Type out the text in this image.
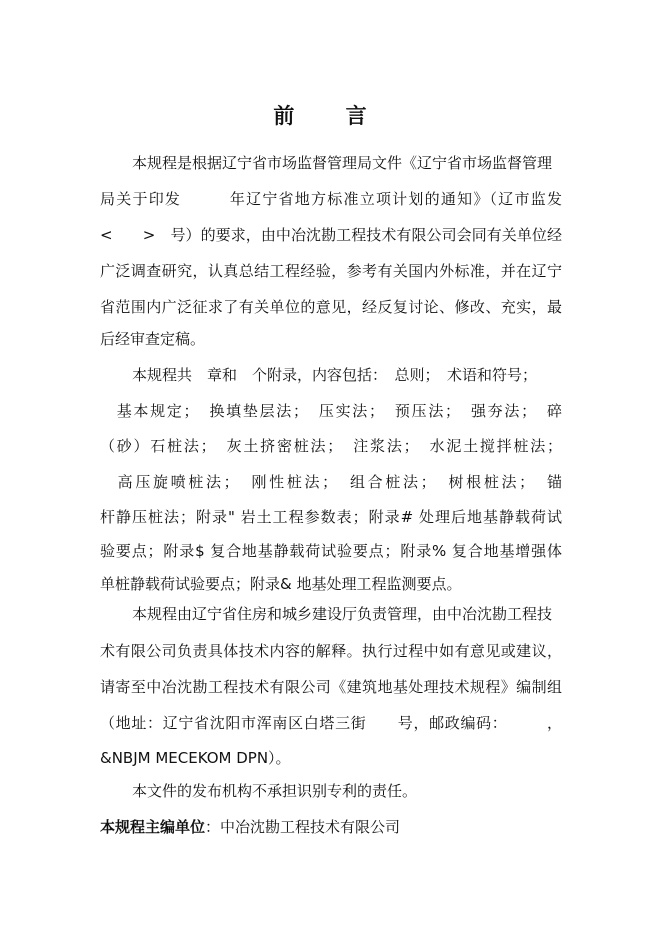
前 言
本规程是根据辽宁省市场监督管理局文件《辽宁省市场监督管理
局关于印发　　　年辽宁省地方标准立项计划的通知》（辽市监发
<　　>　号）的要求，由中冶沈勘工程技术有限公司会同有关单位经
广泛调查研究，认真总结工程经验，参考有关国内外标准，并在辽宁
省范围内广泛征求了有关单位的意见，经反复讨论、修改、充实，最
后经审查定稿。
本规程共　章和　个附录，内容包括：　总则；　术语和符号；
　基本规定；　换填垫层法；　压实法；　预压法；　强夯法；　碎
（砂）石桩法；　灰土挤密桩法；　注浆法；　水泥土搅拌桩法；
　高压旋喷桩法；　刚性桩法；　组合桩法；　树根桩法；　锚
杆静压桩法；附录" 岩土工程参数表；附录# 处理后地基静载荷试
验要点；附录$ 复合地基静载荷试验要点；附录% 复合地基增强体
单桩静载荷试验要点；附录& 地基处理工程监测要点。
本规程由辽宁省住房和城乡建设厅负责管理，由中冶沈勘工程技
术有限公司负责具体技术内容的解释。执行过程中如有意见或建议，
请寄至中冶沈勘工程技术有限公司《建筑地基处理技术规程》编制组
（地址：辽宁省沈阳市浑南区白塔三街　　号，邮政编码：　　　，
&NBJM MECEKOM DPN）。
本文件的发布机构不承担识别专利的责任。
本规程主编单位：中冶沈勘工程技术有限公司
